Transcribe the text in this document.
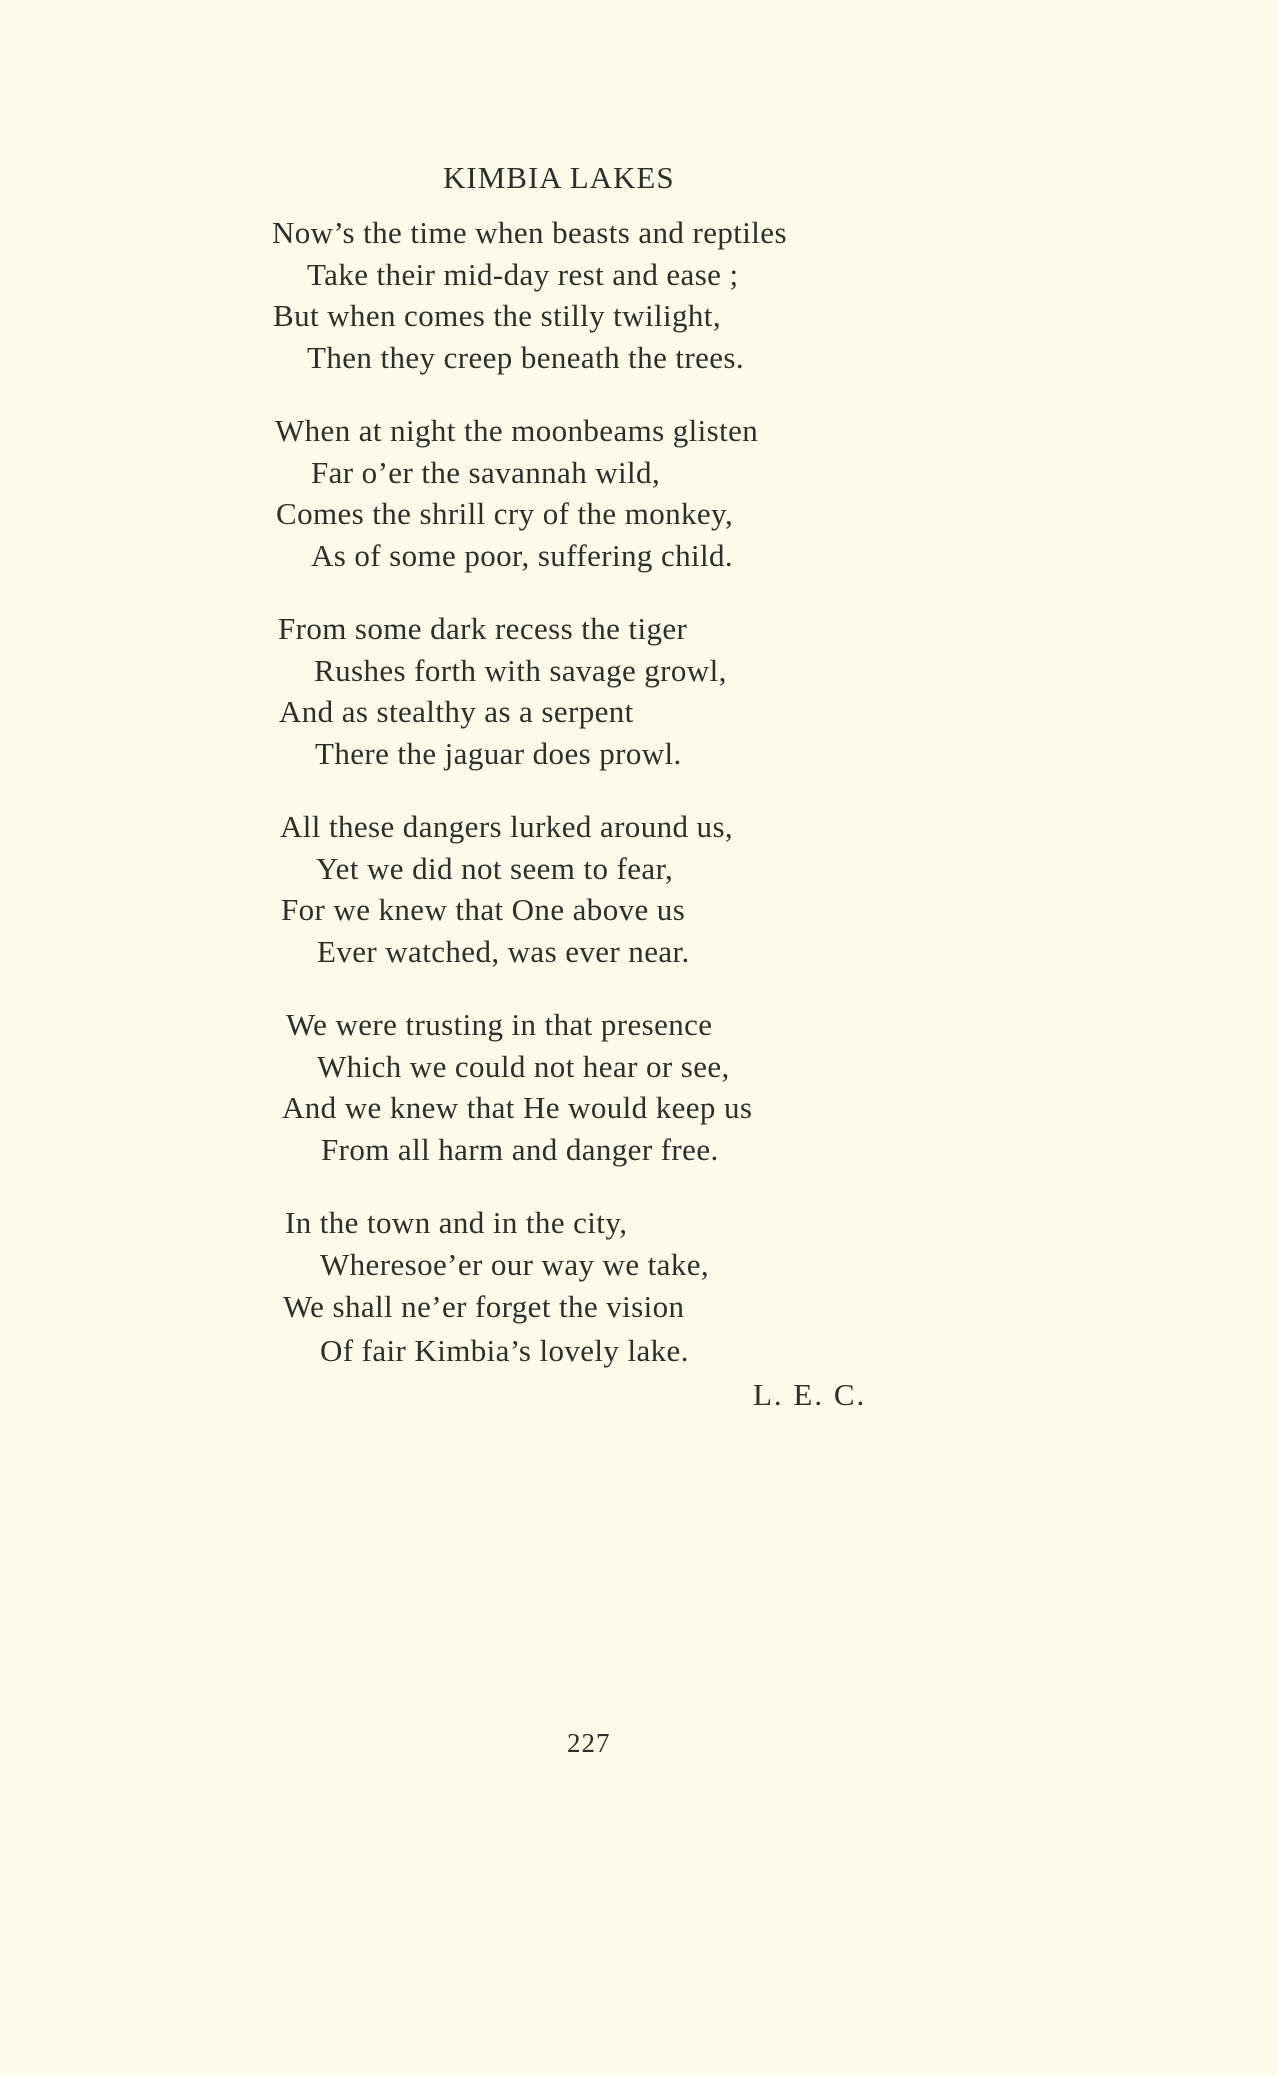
KIMBIA LAKES
Now’s the time when beasts and reptiles
Take their mid-day rest and ease ;
But when comes the stilly twilight,
Then they creep beneath the trees.
When at night the moonbeams glisten
Far o’er the savannah wild,
Comes the shrill cry of the monkey,
As of some poor, suffering child.
From some dark recess the tiger
Rushes forth with savage growl,
And as stealthy as a serpent
There the jaguar does prowl.
All these dangers lurked around us,
Yet we did not seem to fear,
For we knew that One above us
Ever watched, was ever near.
We were trusting in that presence
Which we could not hear or see,
And we knew that He would keep us
From all harm and danger free.
In the town and in the city,
Wheresoe’er our way we take,
We shall ne’er forget the vision
Of fair Kimbia’s lovely lake.
L. E. C.
227
